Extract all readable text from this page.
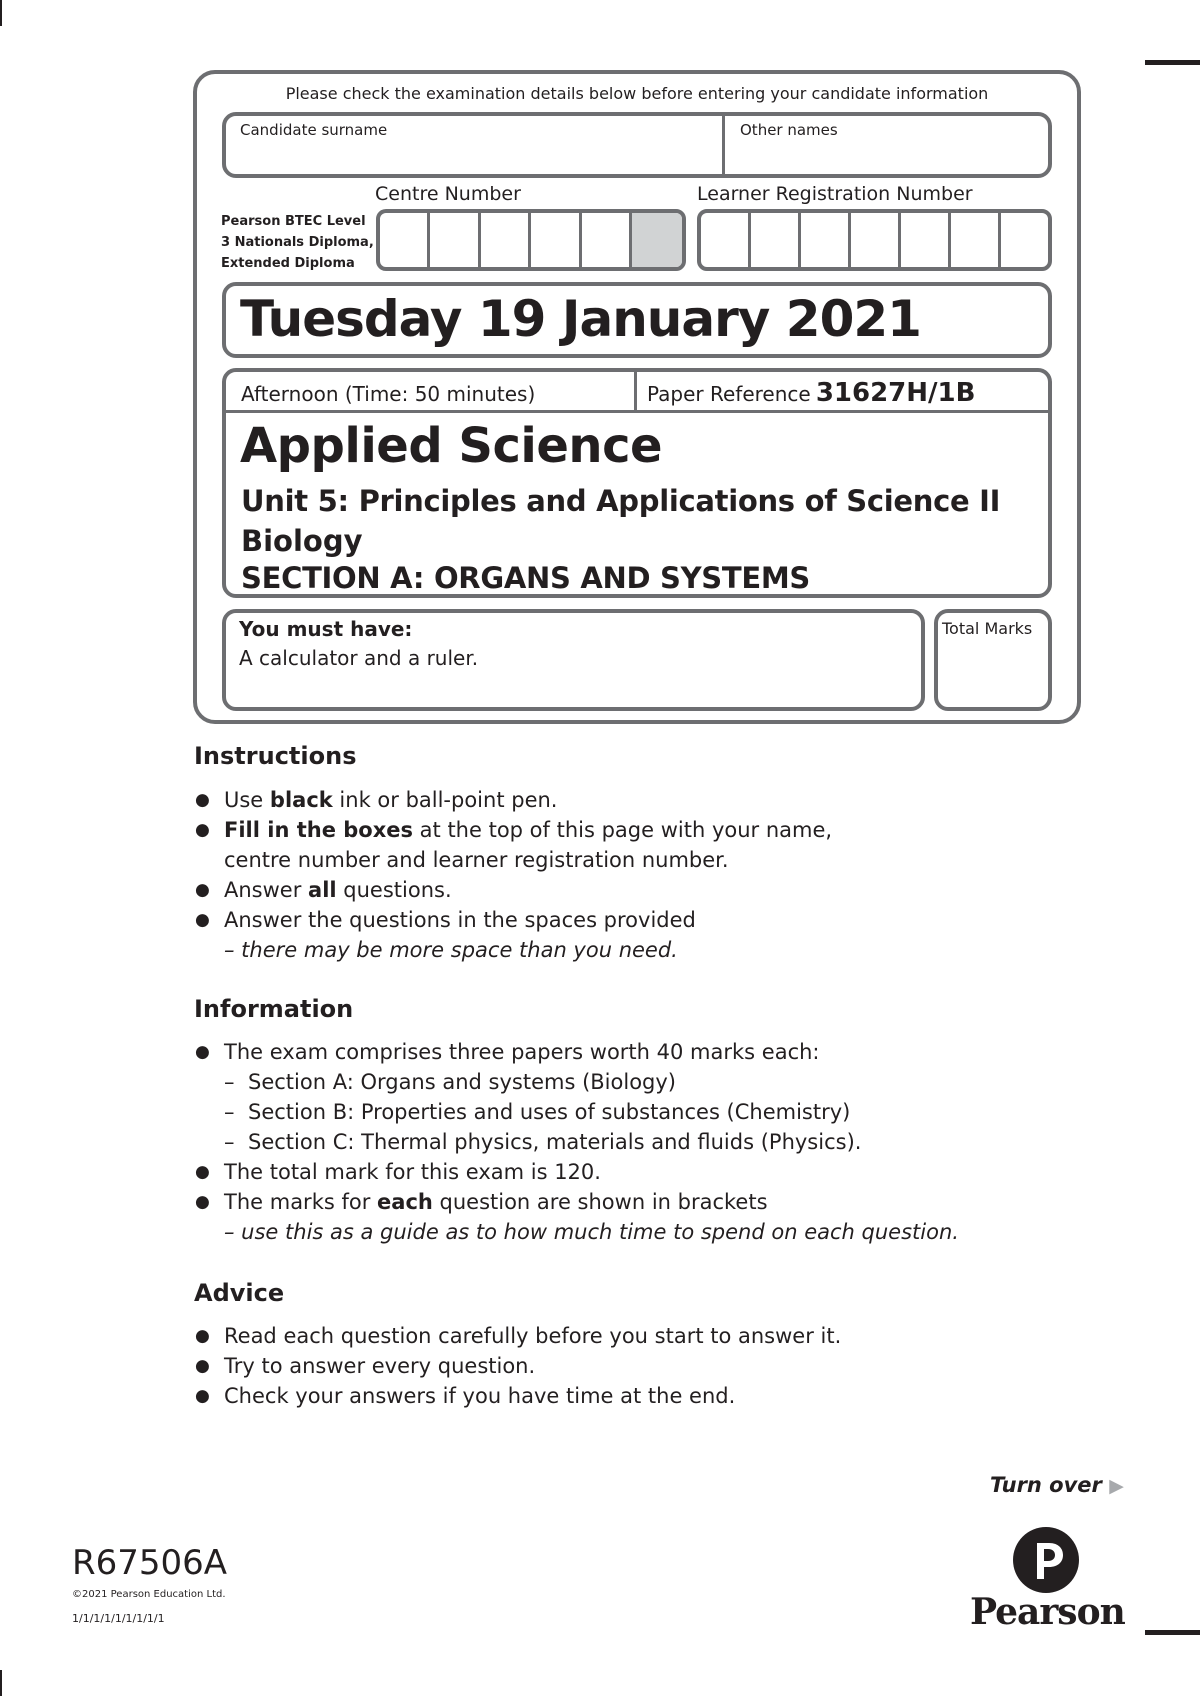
Please check the examination details below before entering your candidate information
Candidate surname	Other names
Pearson BTEC Level
3 Nationals Diploma,
Extended Diploma
Centre Number	Learner Registration Number
Tuesday 19 January 2021
Afternoon (Time: 50 minutes)	Paper Reference 31627H/1B
Applied Science
Unit 5: Principles and Applications of Science II
Biology
SECTION A: ORGANS AND SYSTEMS
You must have:
A calculator and a ruler.
Total Marks
Instructions
● Use black ink or ball-point pen.
● Fill in the boxes at the top of this page with your name,
centre number and learner registration number.
● Answer all questions.
● Answer the questions in the spaces provided
– there may be more space than you need.
Information
● The exam comprises three papers worth 40 marks each:
– Section A: Organs and systems (Biology)
– Section B: Properties and uses of substances (Chemistry)
– Section C: Thermal physics, materials and fluids (Physics).
● The total mark for this exam is 120.
● The marks for each question are shown in brackets
– use this as a guide as to how much time to spend on each question.
Advice
● Read each question carefully before you start to answer it.
● Try to answer every question.
● Check your answers if you have time at the end.
Turn over ▶
R67506A
©2021 Pearson Education Ltd.
1/1/1/1/1/1/1/1/1	Pearson
